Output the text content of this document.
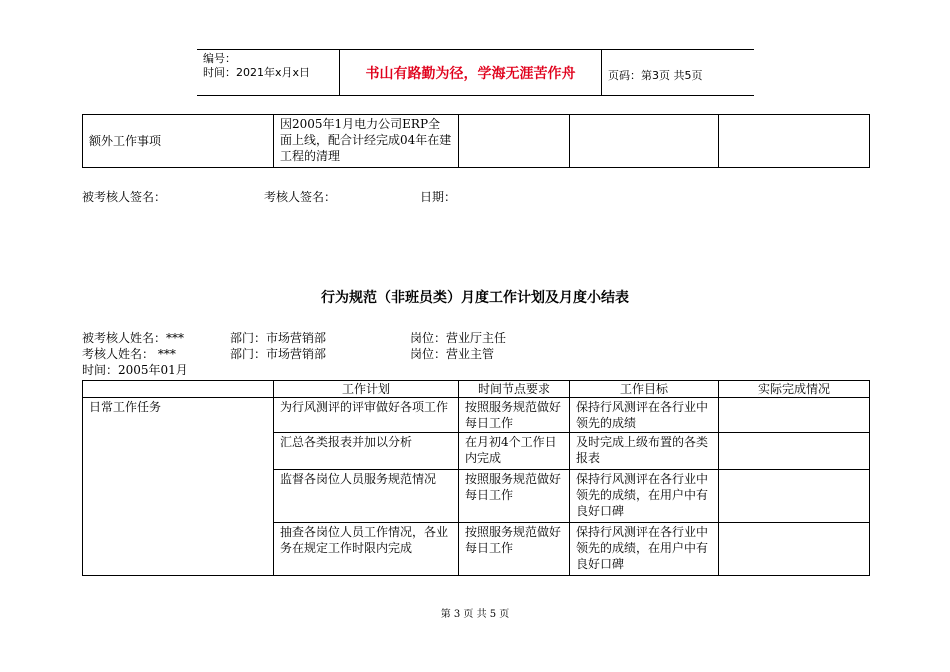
编号：
时间：2021年x月x日	书山有路勤为径，学海无涯苦作舟	页码：第3页 共5页
额外工作事项	因2005年1月电力公司ERP全面上线，配合计经完成04年在建工程的清理			
被考核人签名：	考核人签名：	日期：
行为规范（非班员类）月度工作计划及月度小结表
被考核人姓名：***	部门：市场营销部	岗位：营业厅主任
考核人姓名： ***	部门：市场营销部	岗位：营业主管
时间：2005年01月
	工作计划	时间节点要求	工作目标	实际完成情况
日常工作任务	为行风测评的评审做好各项工作	按照服务规范做好每日工作	保持行风测评在各行业中领先的成绩	
	汇总各类报表并加以分析	在月初4个工作日内完成	及时完成上级布置的各类报表	
	监督各岗位人员服务规范情况	按照服务规范做好每日工作	保持行风测评在各行业中领先的成绩，在用户中有良好口碑	
	抽查各岗位人员工作情况，各业务在规定工作时限内完成	按照服务规范做好每日工作	保持行风测评在各行业中领先的成绩，在用户中有良好口碑	
第 3 页 共 5 页
